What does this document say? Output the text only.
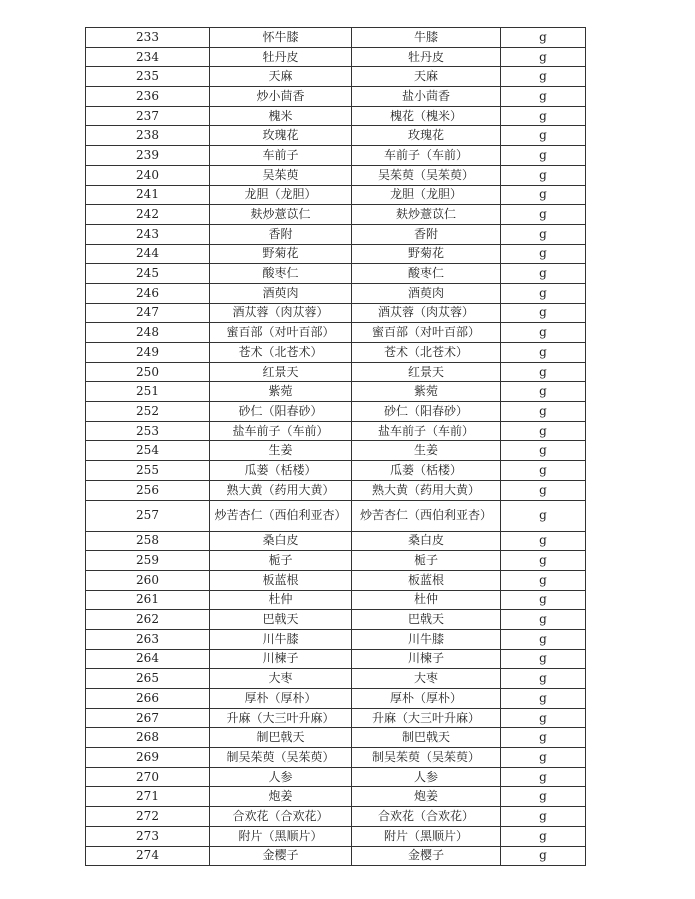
233	怀牛膝	牛膝	g
234	牡丹皮	牡丹皮	g
235	天麻	天麻	g
236	炒小茴香	盐小茴香	g
237	槐米	槐花（槐米）	g
238	玫瑰花	玫瑰花	g
239	车前子	车前子（车前）	g
240	吴茱萸	吴茱萸（吴茱萸）	g
241	龙胆（龙胆）	龙胆（龙胆）	g
242	麸炒薏苡仁	麸炒薏苡仁	g
243	香附	香附	g
244	野菊花	野菊花	g
245	酸枣仁	酸枣仁	g
246	酒萸肉	酒萸肉	g
247	酒苁蓉（肉苁蓉）	酒苁蓉（肉苁蓉）	g
248	蜜百部（对叶百部）	蜜百部（对叶百部）	g
249	苍术（北苍术）	苍术（北苍术）	g
250	红景天	红景天	g
251	紫菀	紫菀	g
252	砂仁（阳春砂）	砂仁（阳春砂）	g
253	盐车前子（车前）	盐车前子（车前）	g
254	生姜	生姜	g
255	瓜蒌（栝楼）	瓜蒌（栝楼）	g
256	熟大黄（药用大黄）	熟大黄（药用大黄）	g
257	炒苦杏仁（西伯利亚杏）	炒苦杏仁（西伯利亚杏）	g
258	桑白皮	桑白皮	g
259	栀子	栀子	g
260	板蓝根	板蓝根	g
261	杜仲	杜仲	g
262	巴戟天	巴戟天	g
263	川牛膝	川牛膝	g
264	川楝子	川楝子	g
265	大枣	大枣	g
266	厚朴（厚朴）	厚朴（厚朴）	g
267	升麻（大三叶升麻）	升麻（大三叶升麻）	g
268	制巴戟天	制巴戟天	g
269	制吴茱萸（吴茱萸）	制吴茱萸（吴茱萸）	g
270	人参	人参	g
271	炮姜	炮姜	g
272	合欢花（合欢花）	合欢花（合欢花）	g
273	附片（黑顺片）	附片（黑顺片）	g
274	金樱子	金樱子	g
